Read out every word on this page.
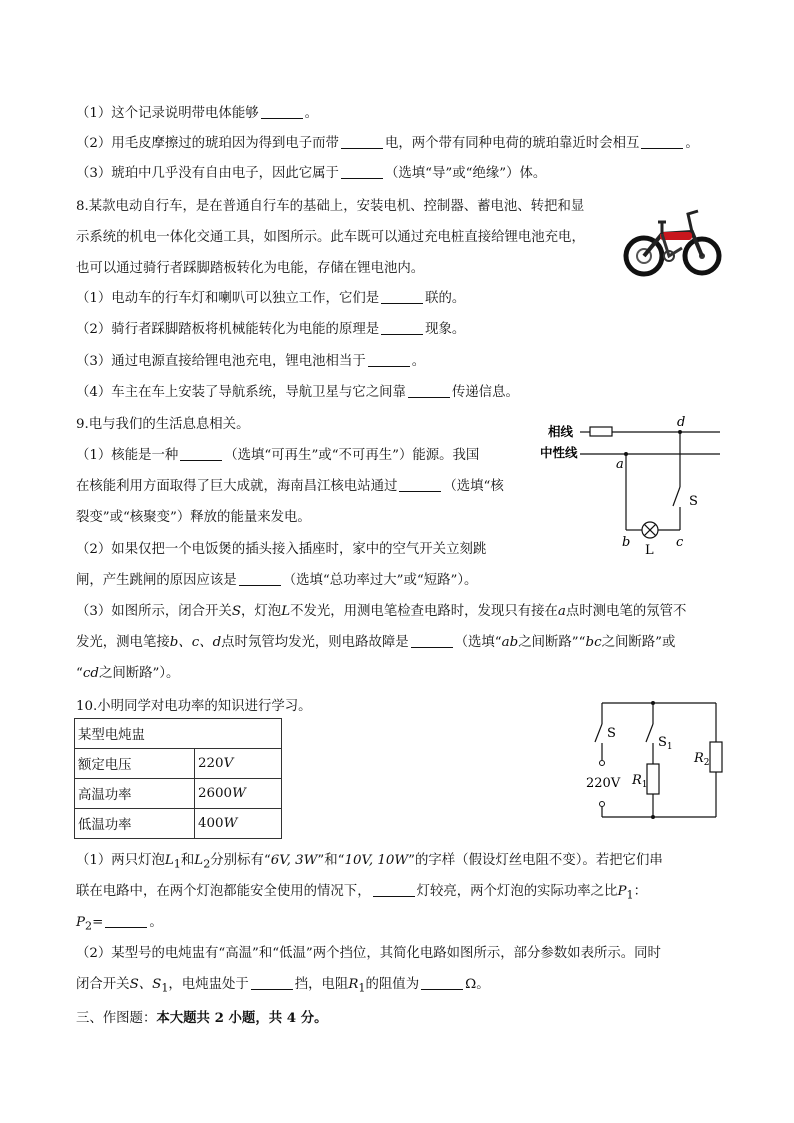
（1）这个记录说明带电体能够	。
（2）用毛皮摩擦过的琥珀因为得到电子而带	电，两个带有同种电荷的琥珀靠近时会相互	。
（3）琥珀中几乎没有自由电子，因此它属于	（选填“导”或“绝缘”）体。
8.某款电动自行车，是在普通自行车的基础上，安装电机、控制器、蓄电池、转把和显
示系统的机电一体化交通工具，如图所示。此车既可以通过充电桩直接给锂电池充电，
也可以通过骑行者踩脚踏板转化为电能，存储在锂电池内。
（1）电动车的行车灯和喇叭可以独立工作，它们是	联的。
（2）骑行者踩脚踏板将机械能转化为电能的原理是	现象。
（3）通过电源直接给锂电池充电，锂电池相当于	。
（4）车主在车上安装了导航系统，导航卫星与它之间靠	传递信息。
9.电与我们的生活息息相关。
（1）核能是一种	（选填“可再生”或“不可再生”）能源。我国
在核能利用方面取得了巨大成就，海南昌江核电站通过	（选填“核
裂变”或“核聚变”）释放的能量来发电。
（2）如果仅把一个电饭煲的插头接入插座时，家中的空气开关立刻跳
闸，产生跳闸的原因应该是	（选填“总功率过大”或“短路”）。
（3）如图所示，闭合开关S，灯泡L不发光，用测电笔检查电路时，发现只有接在a点时测电笔的氖管不
发光，测电笔接b、c、d点时氖管均发光，则电路故障是	（选填“ab之间断路”“bc之间断路”或
“cd之间断路”）。
相线
中性线
d
a
S
b
L
c
10.小明同学对电功率的知识进行学习。
某型电炖盅	
额定电压	220V
高温功率	2600W
低温功率	400W
S
220V
$S_1$
$R_1$
$R_2$
（1）两只灯泡$L_1$和$L_2$分别标有“6V, 3W”和“10V, 10W”的字样（假设灯丝电阻不变）。若把它们串
联在电路中，在两个灯泡都能安全使用的情况下，	灯较亮，两个灯泡的实际功率之比$P_1$：
$P_2=$	。
（2）某型号的电炖盅有“高温”和“低温”两个挡位，其简化电路如图所示，部分参数如表所示。同时
闭合开关S、$S_1$，电炖盅处于	挡，电阻$R_1$的阻值为	Ω。
三、作图题：本大题共 2 小题，共 4 分。
